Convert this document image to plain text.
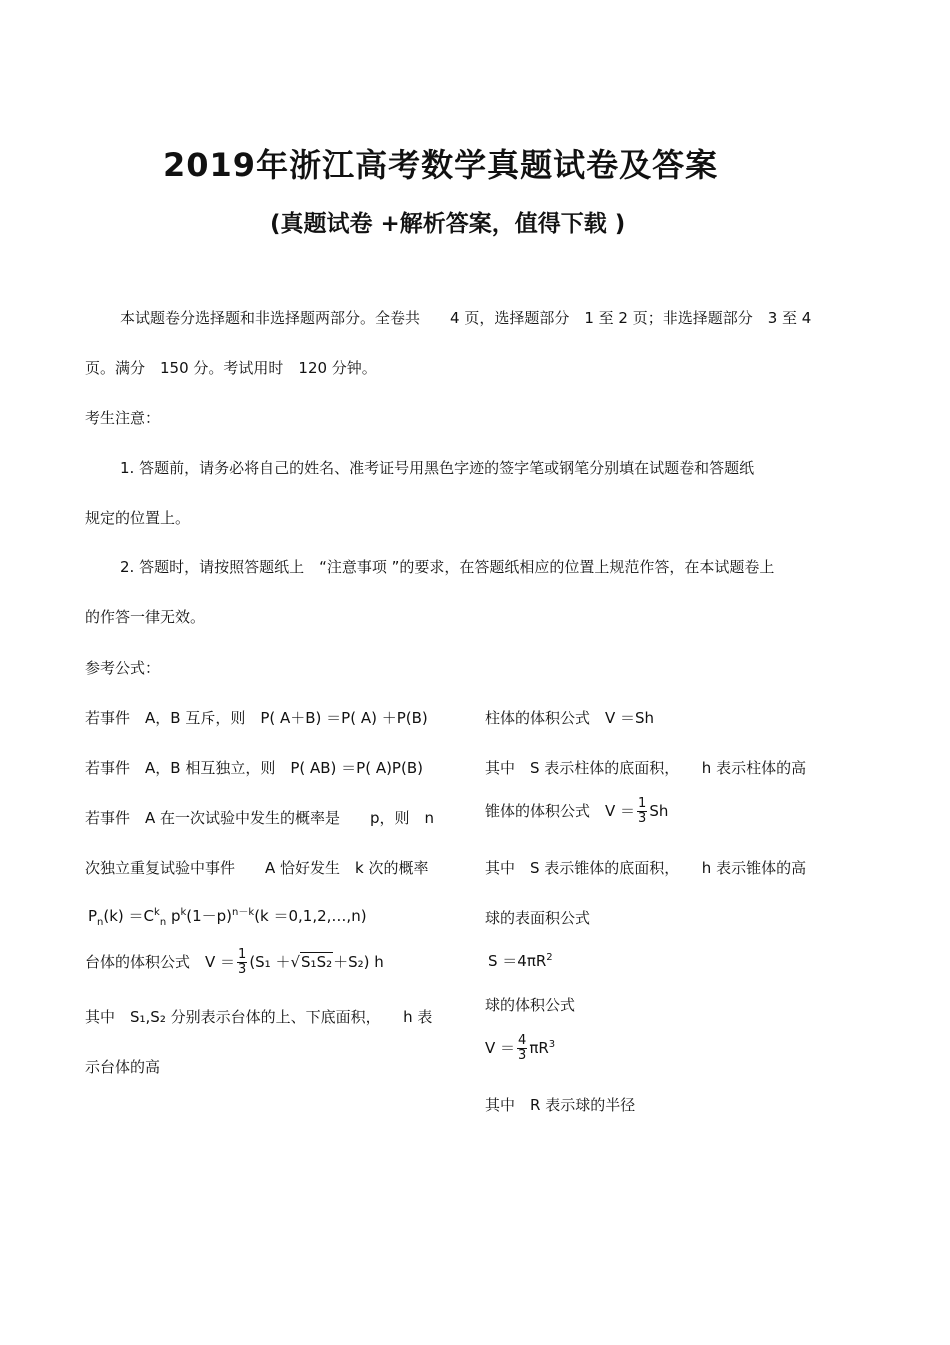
2019年浙江高考数学真题试卷及答案
(真题试卷 +解析答案，值得下载 )
本试题卷分选择题和非选择题两部分。全卷共　　4 页，选择题部分　1 至 2 页；非选择题部分　3 至 4
页。满分　150 分。考试用时　120 分钟。
考生注意：
1. 答题前，请务必将自己的姓名、准考证号用黑色字迹的签字笔或钢笔分别填在试题卷和答题纸
规定的位置上。
2. 答题时，请按照答题纸上　“注意事项 ”的要求，在答题纸相应的位置上规范作答，在本试题卷上
的作答一律无效。
参考公式：
若事件　A，B 互斥，则　P( A＋B) ＝P( A) ＋P(B)
若事件　A，B 相互独立，则　P( AB) ＝P( A)P(B)
若事件　A 在一次试验中发生的概率是　　p，则　n
次独立重复试验中事件　　A 恰好发生　k 次的概率
$P_n(k) =C^k_n$ $p^k(1-p)^{n-k}(k$ ＝0,1,2,…,n)
台体的体积公式　$V = \frac{1}{3} (S_1 +√S_1S_2+S_2)$ h
其中　S₁,S₂ 分别表示台体的上、下底面积，　　h 表
示台体的高
柱体的体积公式　V ＝Sh
其中　S 表示柱体的底面积，　　h 表示柱体的高
锥体的体积公式　$V = \frac{1}{3}$ Sh
其中　S 表示锥体的底面积，　　h 表示锥体的高
球的表面积公式
$S =4\pi R^2$
球的体积公式
$V = \frac{4}{3} \pi R^3$
其中　R 表示球的半径
